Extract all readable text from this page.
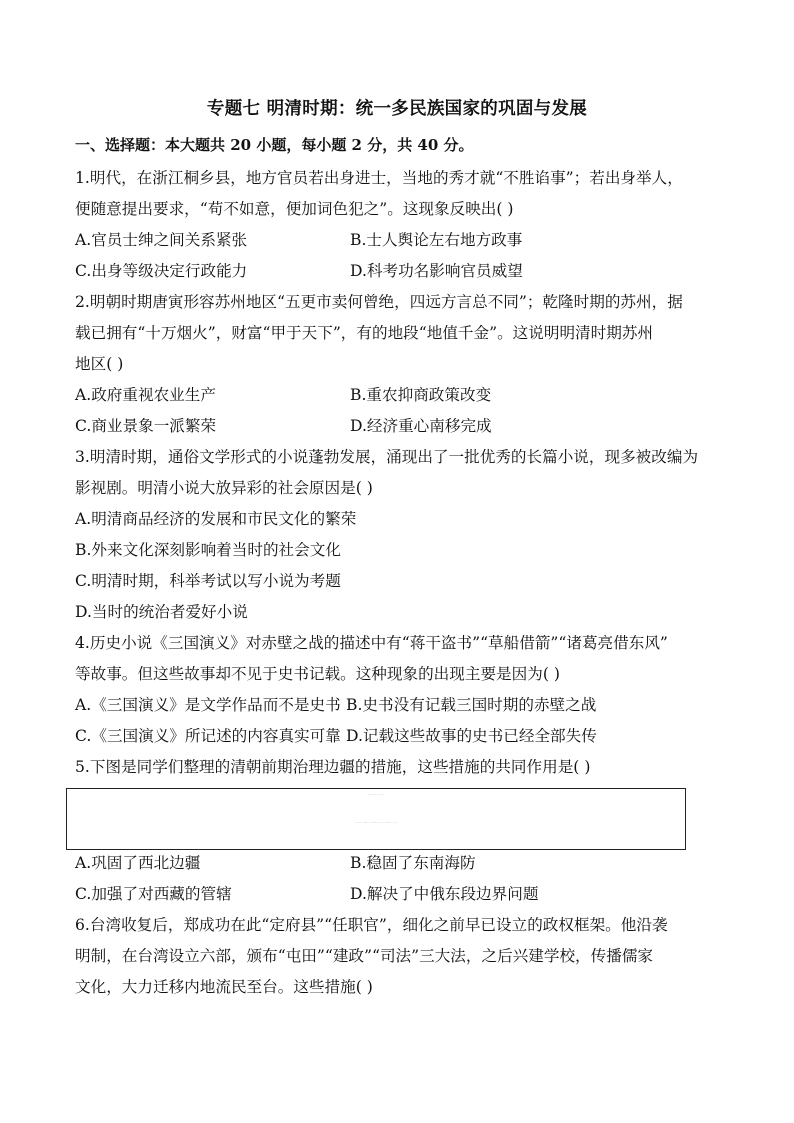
专题七 明清时期：统一多民族国家的巩固与发展
一、选择题：本大题共 20 小题，每小题 2 分，共 40 分。
1.明代，在浙江桐乡县，地方官员若出身进士，当地的秀才就“不胜谄事”；若出身举人，
便随意提出要求，“苟不如意，便加词色犯之”。这现象反映出( )
A.官员士绅之间关系紧张	B.士人舆论左右地方政事
C.出身等级决定行政能力	D.科考功名影响官员威望
2.明朝时期唐寅形容苏州地区“五更市卖何曾绝，四远方言总不同”；乾隆时期的苏州，据
载已拥有“十万烟火”，财富“甲于天下”，有的地段“地值千金”。这说明明清时期苏州
地区( )
A.政府重视农业生产	B.重农抑商政策改变
C.商业景象一派繁荣	D.经济重心南移完成
3.明清时期，通俗文学形式的小说蓬勃发展，涌现出了一批优秀的长篇小说，现多被改编为
影视剧。明清小说大放异彩的社会原因是( )
A.明清商品经济的发展和市民文化的繁荣
B.外来文化深刻影响着当时的社会文化
C.明清时期，科举考试以写小说为考题
D.当时的统治者爱好小说
4.历史小说《三国演义》对赤壁之战的描述中有“蒋干盗书”“草船借箭”“诸葛亮借东风”
等故事。但这些故事却不见于史书记载。这种现象的出现主要是因为( )
A.《三国演义》是文学作品而不是史书 B.史书没有记载三国时期的赤壁之战
C.《三国演义》所记述的内容真实可靠 D.记载这些故事的史书已经全部失传
5.下图是同学们整理的清朝前期治理边疆的措施，这些措施的共同作用是( )
A.巩固了西北边疆	B.稳固了东南海防
C.加强了对西藏的管辖	D.解决了中俄东段边界问题
6.台湾收复后，郑成功在此“定府县”“任职官”，细化之前早已设立的政权框架。他沿袭
明制，在台湾设立六部，颁布“屯田”“建政”“司法”三大法，之后兴建学校，传播儒家
文化，大力迁移内地流民至台。这些措施( )
